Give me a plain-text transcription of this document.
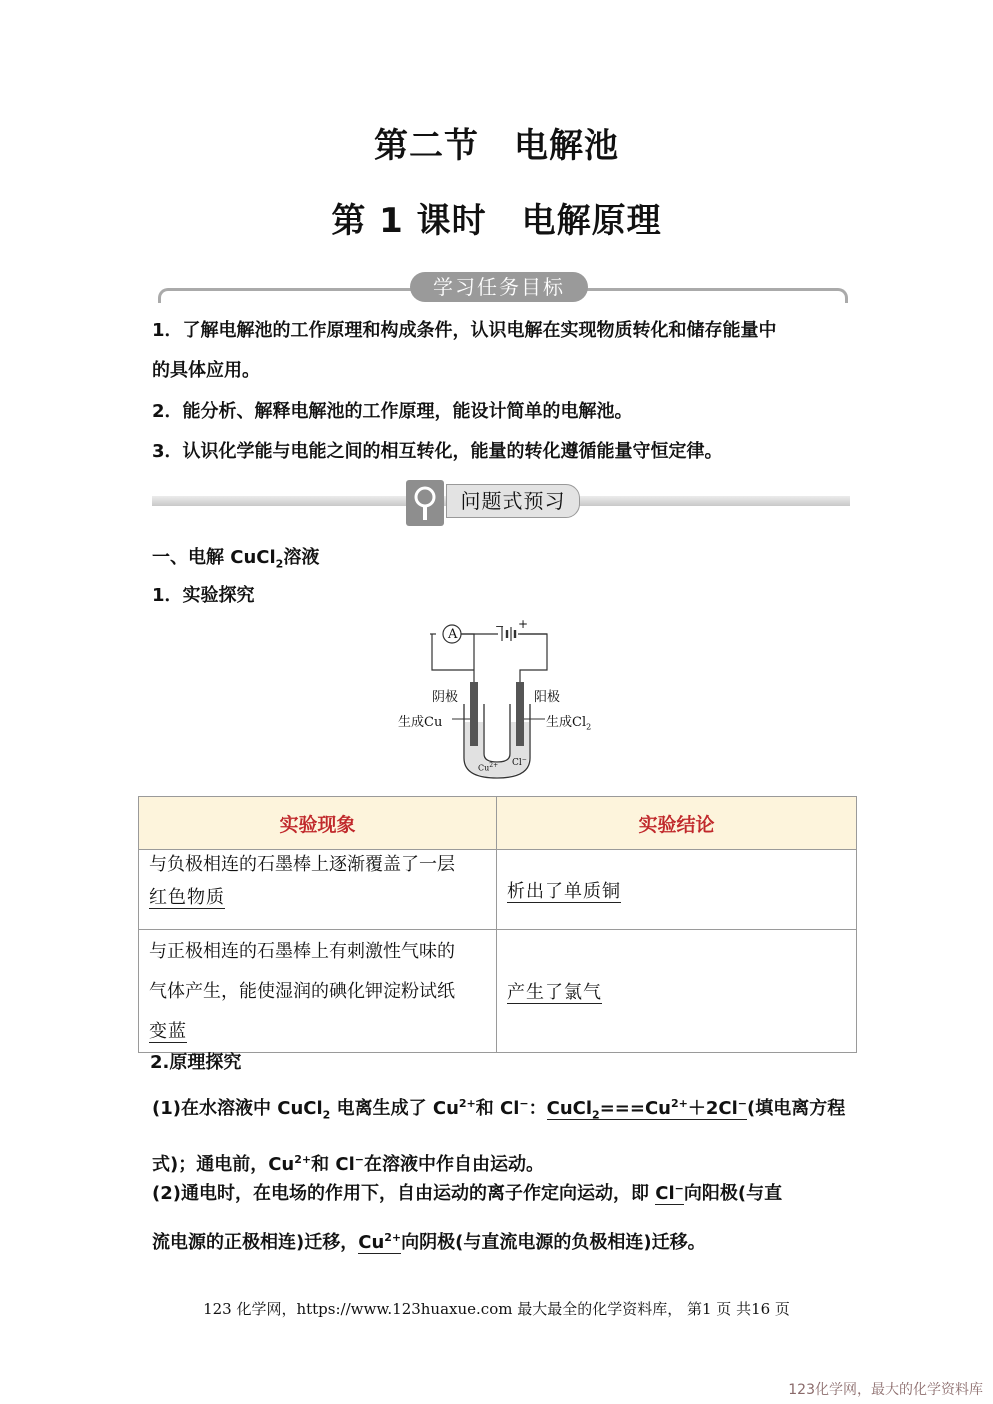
第二节　电解池
第 1 课时　电解原理
学习任务目标
1．了解电解池的工作原理和构成条件，认识电解在实现物质转化和储存能量中
的具体应用。
2．能分析、解释电解池的工作原理，能设计简单的电解池。
3．认识化学能与电能之间的相互转化，能量的转化遵循能量守恒定律。
问题式预习
一、电解 CuCl$_2$溶液
1．实验探究
A
− +
阴极	阳极
生成Cu	生成$Cl_2$
$Cu^{2+}$ Cl−
实验现象	实验结论

与负极相连的石墨棒上逐渐覆盖了一层
红色物质	析出了单质铜

与正极相连的石墨棒上有刺激性气味的
气体产生，能使湿润的碘化钾淀粉试纸
变蓝	产生了氯气
2.原理探究
(1)在水溶液中 CuCl$_2$ 电离生成了 $Cu^{2+}$和 Cl−：$CuCl_2===Cu^{2+}+2Cl^-$(填电离方程
式)；通电前，$Cu^{2+}$和 Cl−在溶液中作自由运动。
(2)通电时，在电场的作用下，自由运动的离子作定向运动，即 Cl−向阳极(与直
流电源的正极相连)迁移，$Cu^{2+}$向阴极(与直流电源的负极相连)迁移。
123 化学网，https://www.123huaxue.com 最大最全的化学资料库， 第1 页 共16 页
123化学网，最大的化学资料库
